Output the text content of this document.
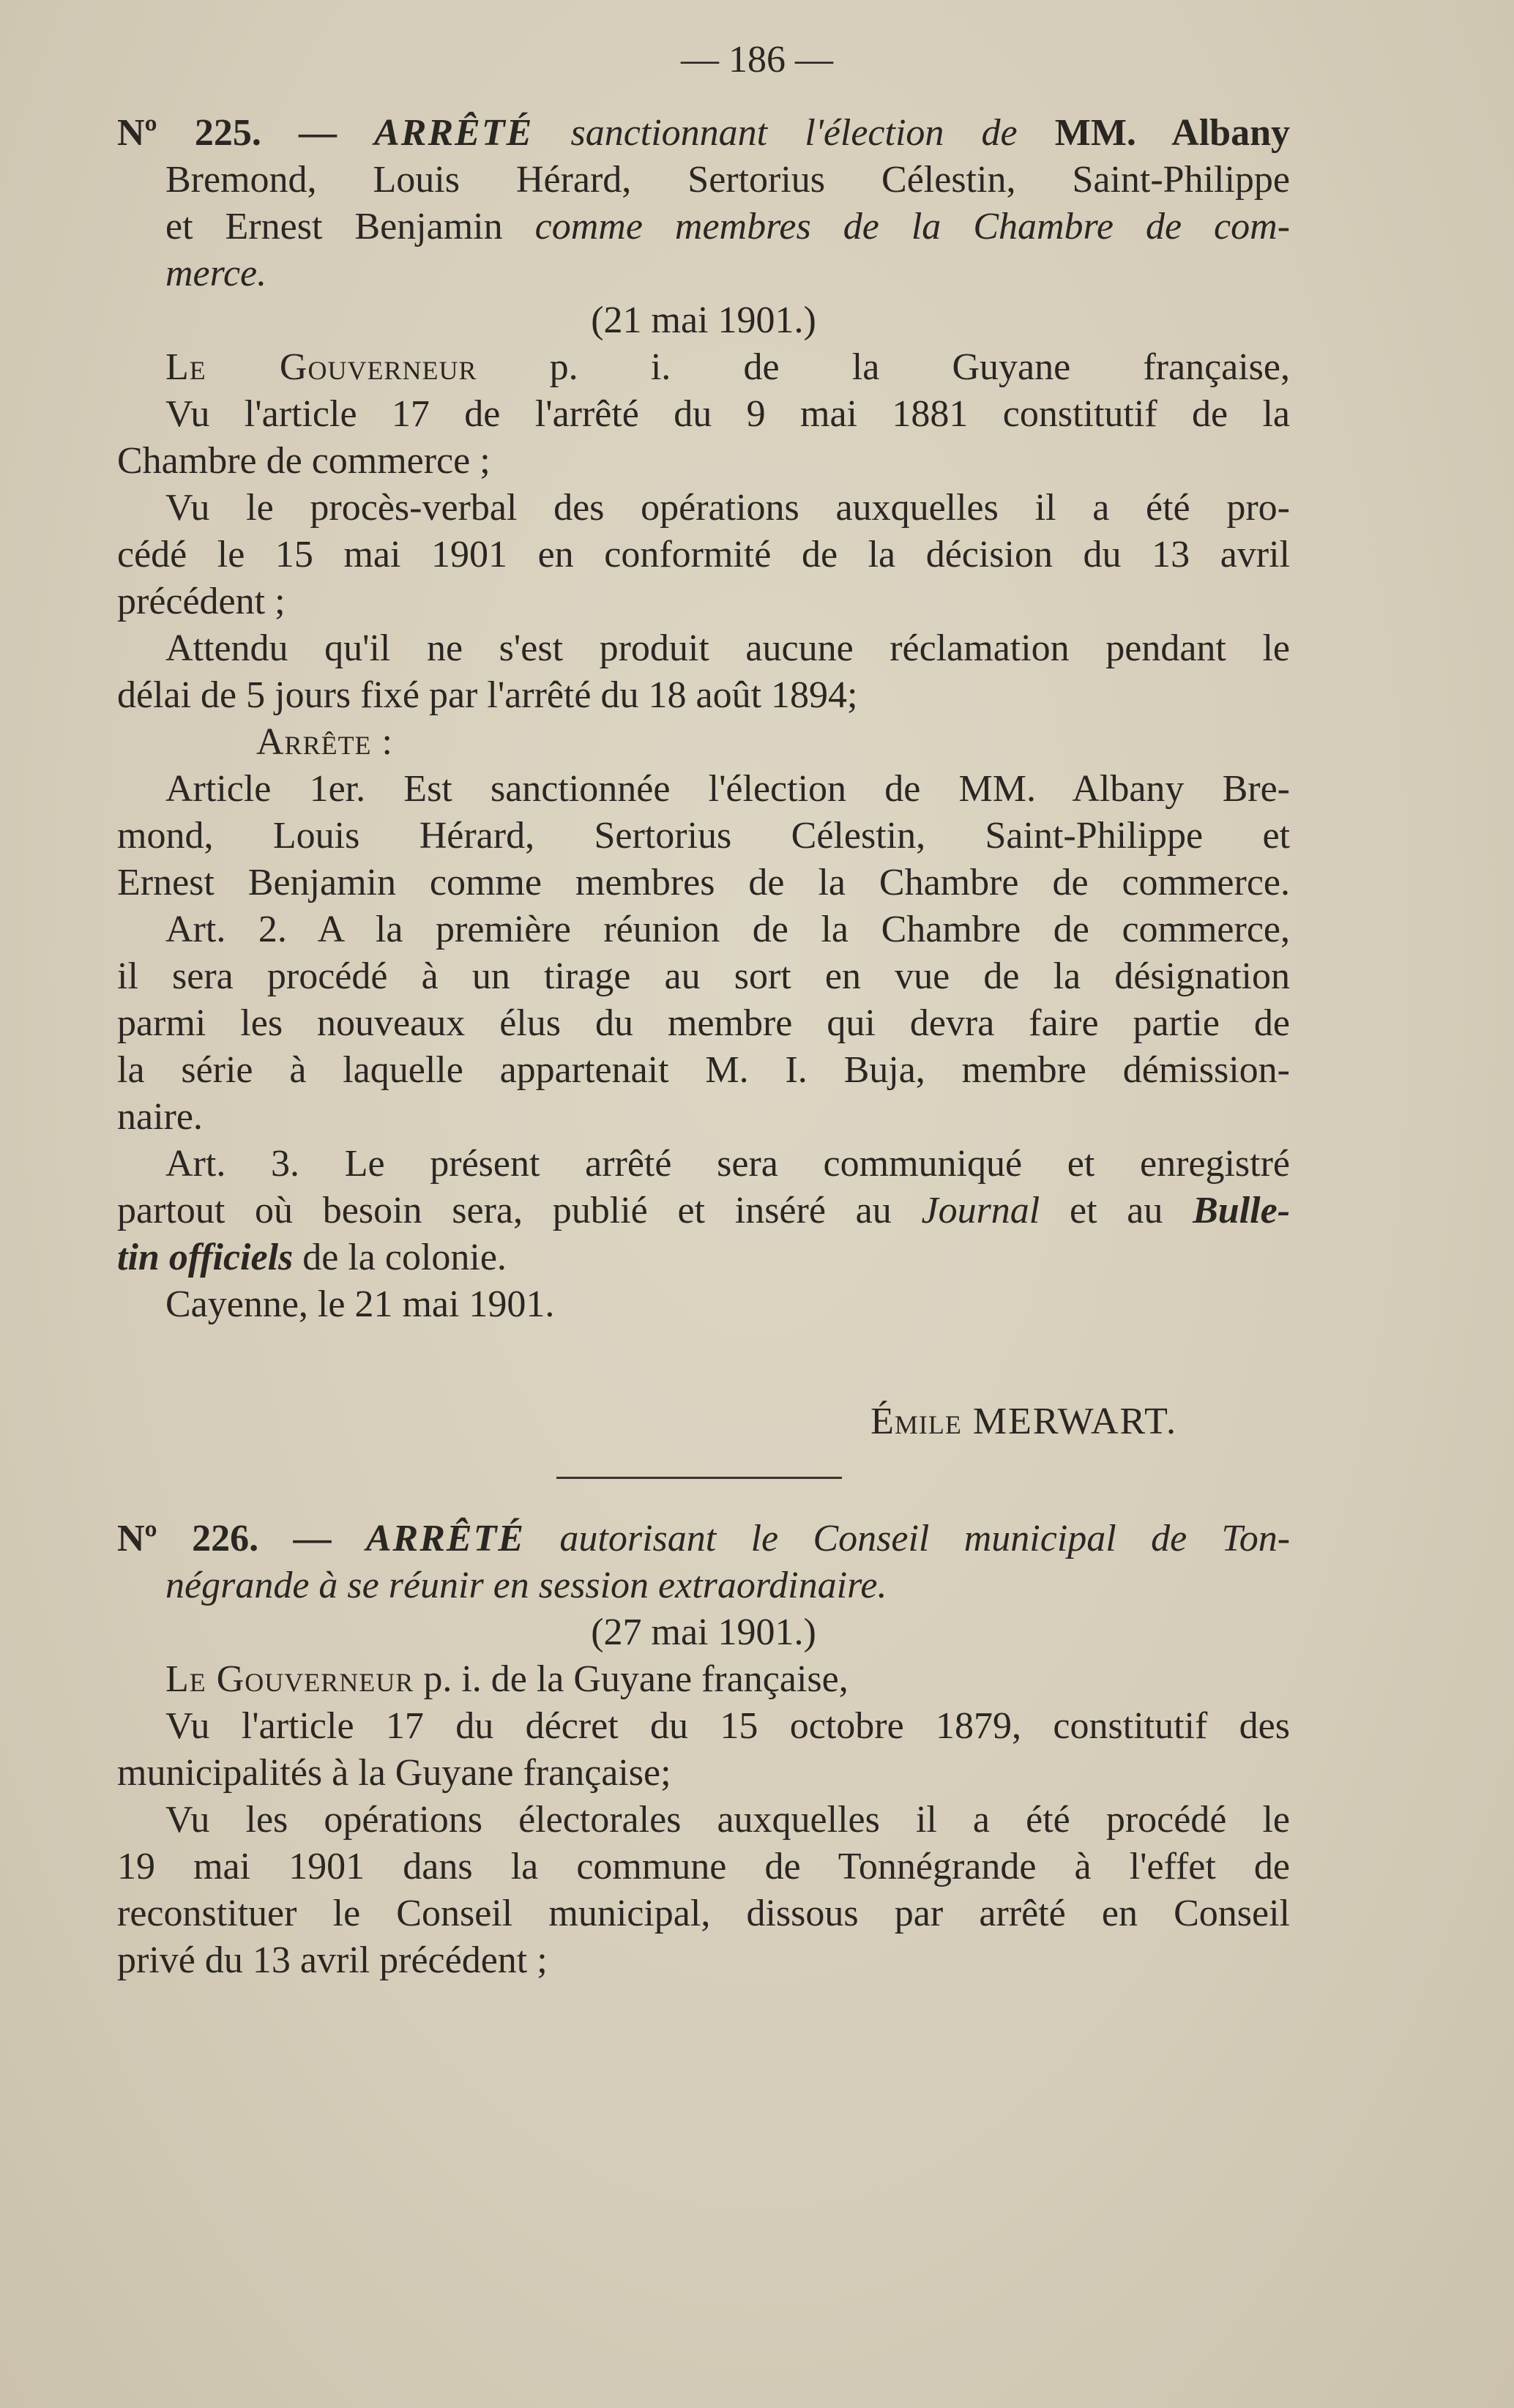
— 186 —

Nº 225. — ARRÊTÉ sanctionnant l'élection de MM. Albany

Bremond, Louis Hérard, Sertorius Célestin, Saint-Philippe

et Ernest Benjamin comme membres de la Chambre de com-

merce.

(21 mai 1901.)

Le Gouverneur p. i. de la Guyane française,

Vu l'article 17 de l'arrêté du 9 mai 1881 constitutif de la

Chambre de commerce ;

Vu le procès-verbal des opérations auxquelles il a été pro-

cédé le 15 mai 1901 en conformité de la décision du 13 avril

précédent ;

Attendu qu'il ne s'est produit aucune réclamation pendant le

délai de 5 jours fixé par l'arrêté du 18 août 1894;

Arrête :

Article 1er. Est sanctionnée l'élection de MM. Albany Bre-

mond, Louis Hérard, Sertorius Célestin, Saint-Philippe et

Ernest Benjamin comme membres de la Chambre de commerce.

Art. 2. A la première réunion de la Chambre de commerce,

il sera procédé à un tirage au sort en vue de la désignation

parmi les nouveaux élus du membre qui devra faire partie de

la série à laquelle appartenait M. I. Buja, membre démission-

naire.

Art. 3. Le présent arrêté sera communiqué et enregistré

partout où besoin sera, publié et inséré au Journal et au Bulle-

tin officiels de la colonie.

Cayenne, le 21 mai 1901.

Émile MERWART.

Nº 226. — ARRÊTÉ autorisant le Conseil municipal de Ton-

négrande à se réunir en session extraordinaire.

(27 mai 1901.)

Le Gouverneur p. i. de la Guyane française,

Vu l'article 17 du décret du 15 octobre 1879, constitutif des

municipalités à la Guyane française;

Vu les opérations électorales auxquelles il a été procédé le

19 mai 1901 dans la commune de Tonnégrande à l'effet de

reconstituer le Conseil municipal, dissous par arrêté en Conseil

privé du 13 avril précédent ;
